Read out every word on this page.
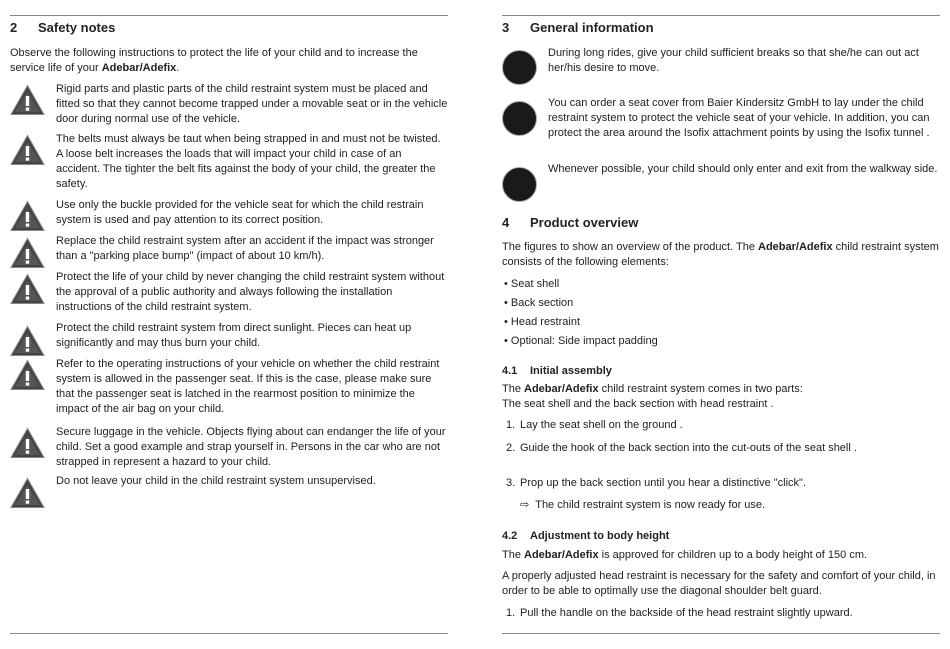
2 Safety notes
Observe the following instructions to protect the life of your child and to increase the service life of your Adebar/Adefix.
Rigid parts and plastic parts of the child restraint system must be placed and fitted so that they cannot become trapped under a movable seat or in the vehicle door during normal use of the vehicle.
The belts must always be taut when being strapped in and must not be twisted. A loose belt increases the loads that will impact your child in case of an accident. The tighter the belt fits against the body of your child, the greater the safety.
Use only the buckle provided for the vehicle seat for which the child restrain system is used and pay attention to its correct position.
Replace the child restraint system after an accident if the impact was stronger than a "parking place bump" (impact of about 10 km/h).
Protect the life of your child by never changing the child restraint system without the approval of a public authority and always following the installation instructions of the child restraint system.
Protect the child restraint system from direct sunlight. Pieces can heat up significantly and may thus burn your child.
Refer to the operating instructions of your vehicle on whether the child restraint system is allowed in the passenger seat. If this is the case, please make sure that the passenger seat is latched in the rearmost position to minimize the impact of the air bag on your child.
Secure luggage in the vehicle. Objects flying about can endanger the life of your child. Set a good example and strap yourself in. Persons in the car who are not strapped in represent a hazard to your child.
Do not leave your child in the child restraint system unsupervised.
3 General information
During long rides, give your child sufficient breaks so that she/he can out act her/his desire to move.
You can order a seat cover from Baier Kindersitz GmbH to lay under the child restraint system to protect the vehicle seat of your vehicle. In addition, you can protect the area around the Isofix attachment points by using the Isofix tunnel .
Whenever possible, your child should only enter and exit from the walkway side.
4 Product overview
The figures to show an overview of the product. The Adebar/Adefix child restraint system consists of the following elements:
• Seat shell
• Back section
• Head restraint
• Optional: Side impact padding
4.1 Initial assembly
The Adebar/Adefix child restraint system comes in two parts:
The seat shell and the back section with head restraint .
1. Lay the seat shell on the ground .
2. Guide the hook of the back section into the cut-outs of the seat shell .
3. Prop up the back section until you hear a distinctive "click".
⇨ The child restraint system is now ready for use.
4.2 Adjustment to body height
The Adebar/Adefix is approved for children up to a body height of 150 cm.
A properly adjusted head restraint is necessary for the safety and comfort of your child, in order to be able to optimally use the diagonal shoulder belt guard.
1. Pull the handle on the backside of the head restraint slightly upward.
